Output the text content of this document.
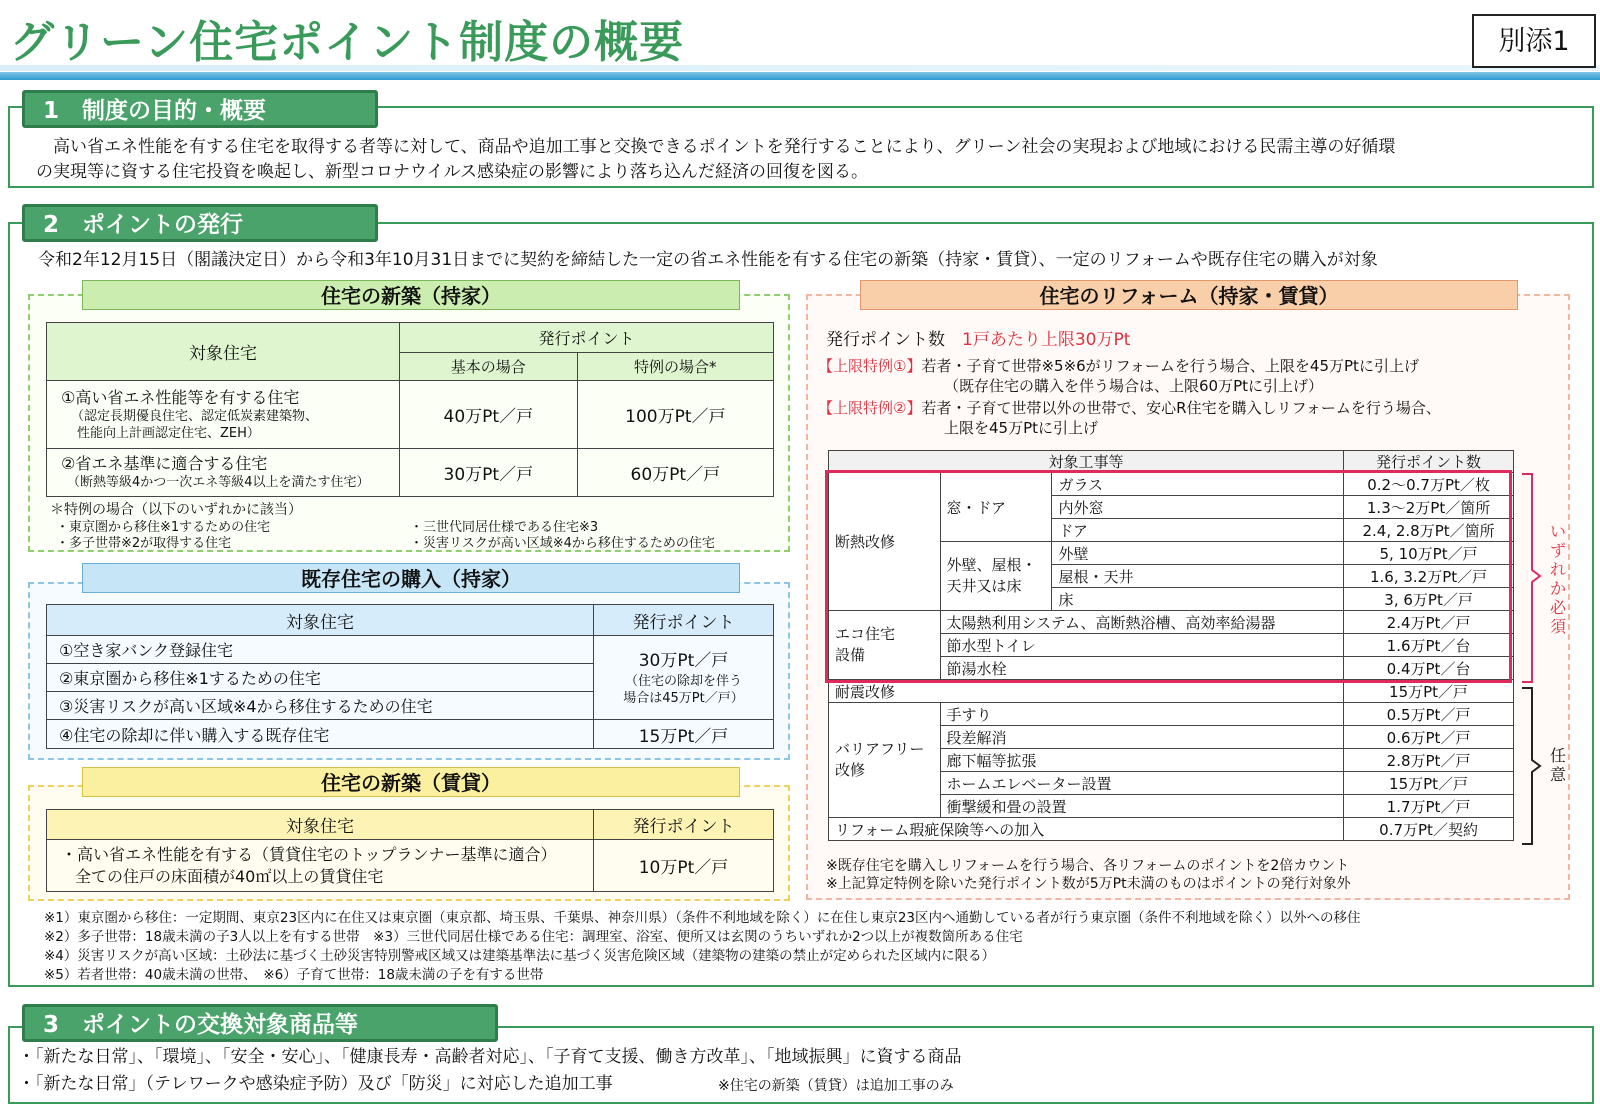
グリーン住宅ポイント制度の概要	別添1
1　制度の目的・概要
　高い省エネ性能を有する住宅を取得する者等に対して、商品や追加工事と交換できるポイントを発行することにより、グリーン社会の実現および地域における民需主導の好循環
の実現等に資する住宅投資を喚起し、新型コロナウイルス感染症の影響により落ち込んだ経済の回復を図る。
2　ポイントの発行
令和2年12月15日（閣議決定日）から令和3年10月31日までに契約を締結した一定の省エネ性能を有する住宅の新築（持家・賃貸）、一定のリフォームや既存住宅の購入が対象
住宅の新築（持家）
対象住宅	発行ポイント	
	基本の場合	特例の場合*

①高い省エネ性能等を有する住宅
（認定長期優良住宅、認定低炭素建築物、
性能向上計画認定住宅、ZEH）	40万Pt／戸	100万Pt／戸

②省エネ基準に適合する住宅
（断熱等級4かつ一次エネ等級4以上を満たす住宅）	30万Pt／戸	60万Pt／戸
＊特例の場合（以下のいずれかに該当）
・東京圏から移住※1するための住宅
・多子世帯※2が取得する住宅
・三世代同居仕様である住宅※3
・災害リスクが高い区域※4から移住するための住宅
既存住宅の購入（持家）
対象住宅	発行ポイント
①空き家バンク登録住宅	30万Pt／戸
（住宅の除却を伴う
場合は45万Pt／戸）

②東京圏から移住※1するための住宅	
③災害リスクが高い区域※4から移住するための住宅	
④住宅の除却に伴い購入する既存住宅	15万Pt／戸
住宅の新築（賃貸）
対象住宅	発行ポイント

・高い省エネ性能を有する（賃貸住宅のトップランナー基準に適合）
全ての住戸の床面積が40㎡以上の賃貸住宅	10万Pt／戸
住宅のリフォーム（持家・賃貸）
発行ポイント数　1戸あたり上限30万Pt
【上限特例①】若者・子育て世帯※5※6がリフォームを行う場合、上限を45万Ptに引上げ
（既存住宅の購入を伴う場合は、上限60万Ptに引上げ）
【上限特例②】若者・子育て世帯以外の世帯で、安心R住宅を購入しリフォームを行う場合、
上限を45万Ptに引上げ
対象工事等			発行ポイント数
断熱改修	窓・ドア	ガラス	0.2～0.7万Pt／枚
		内外窓	1.3～2万Pt／箇所
		ドア	2.4, 2.8万Pt／箇所
	外壁、屋根・
天井又は床	外壁	5, 10万Pt／戸
		屋根・天井	1.6, 3.2万Pt／戸
		床	3, 6万Pt／戸
エコ住宅
設備	太陽熱利用システム、高断熱浴槽、高効率給湯器		2.4万Pt／戸
	節水型トイレ		1.6万Pt／台
	節湯水栓		0.4万Pt／台
耐震改修			15万Pt／戸
バリアフリー
改修	手すり		0.5万Pt／戸
	段差解消		0.6万Pt／戸
	廊下幅等拡張		2.8万Pt／戸
	ホームエレベーター設置		15万Pt／戸
	衝撃緩和畳の設置		1.7万Pt／戸
リフォーム瑕疵保険等への加入			0.7万Pt／契約
いずれか必須
任意
※既存住宅を購入しリフォームを行う場合、各リフォームのポイントを2倍カウント
※上記算定特例を除いた発行ポイント数が5万Pt未満のものはポイントの発行対象外
※1）東京圏から移住：一定期間、東京23区内に在住又は東京圏（東京都、埼玉県、千葉県、神奈川県）（条件不利地域を除く）に在住し東京23区内へ通勤している者が行う東京圏（条件不利地域を除く）以外への移住
※2）多子世帯：18歳未満の子3人以上を有する世帯　※3）三世代同居仕様である住宅：調理室、浴室、便所又は玄関のうちいずれか2つ以上が複数箇所ある住宅
※4）災害リスクが高い区域：土砂法に基づく土砂災害特別警戒区域又は建築基準法に基づく災害危険区域（建築物の建築の禁止が定められた区域内に限る）
※5）若者世帯：40歳未満の世帯、　※6）子育て世帯：18歳未満の子を有する世帯
3　ポイントの交換対象商品等
・「新たな日常」、「環境」、「安全・安心」、「健康長寿・高齢者対応」、「子育て支援、働き方改革」、「地域振興」に資する商品
・「新たな日常」（テレワークや感染症予防）及び「防災」に対応した追加工事	※住宅の新築（賃貸）は追加工事のみ
